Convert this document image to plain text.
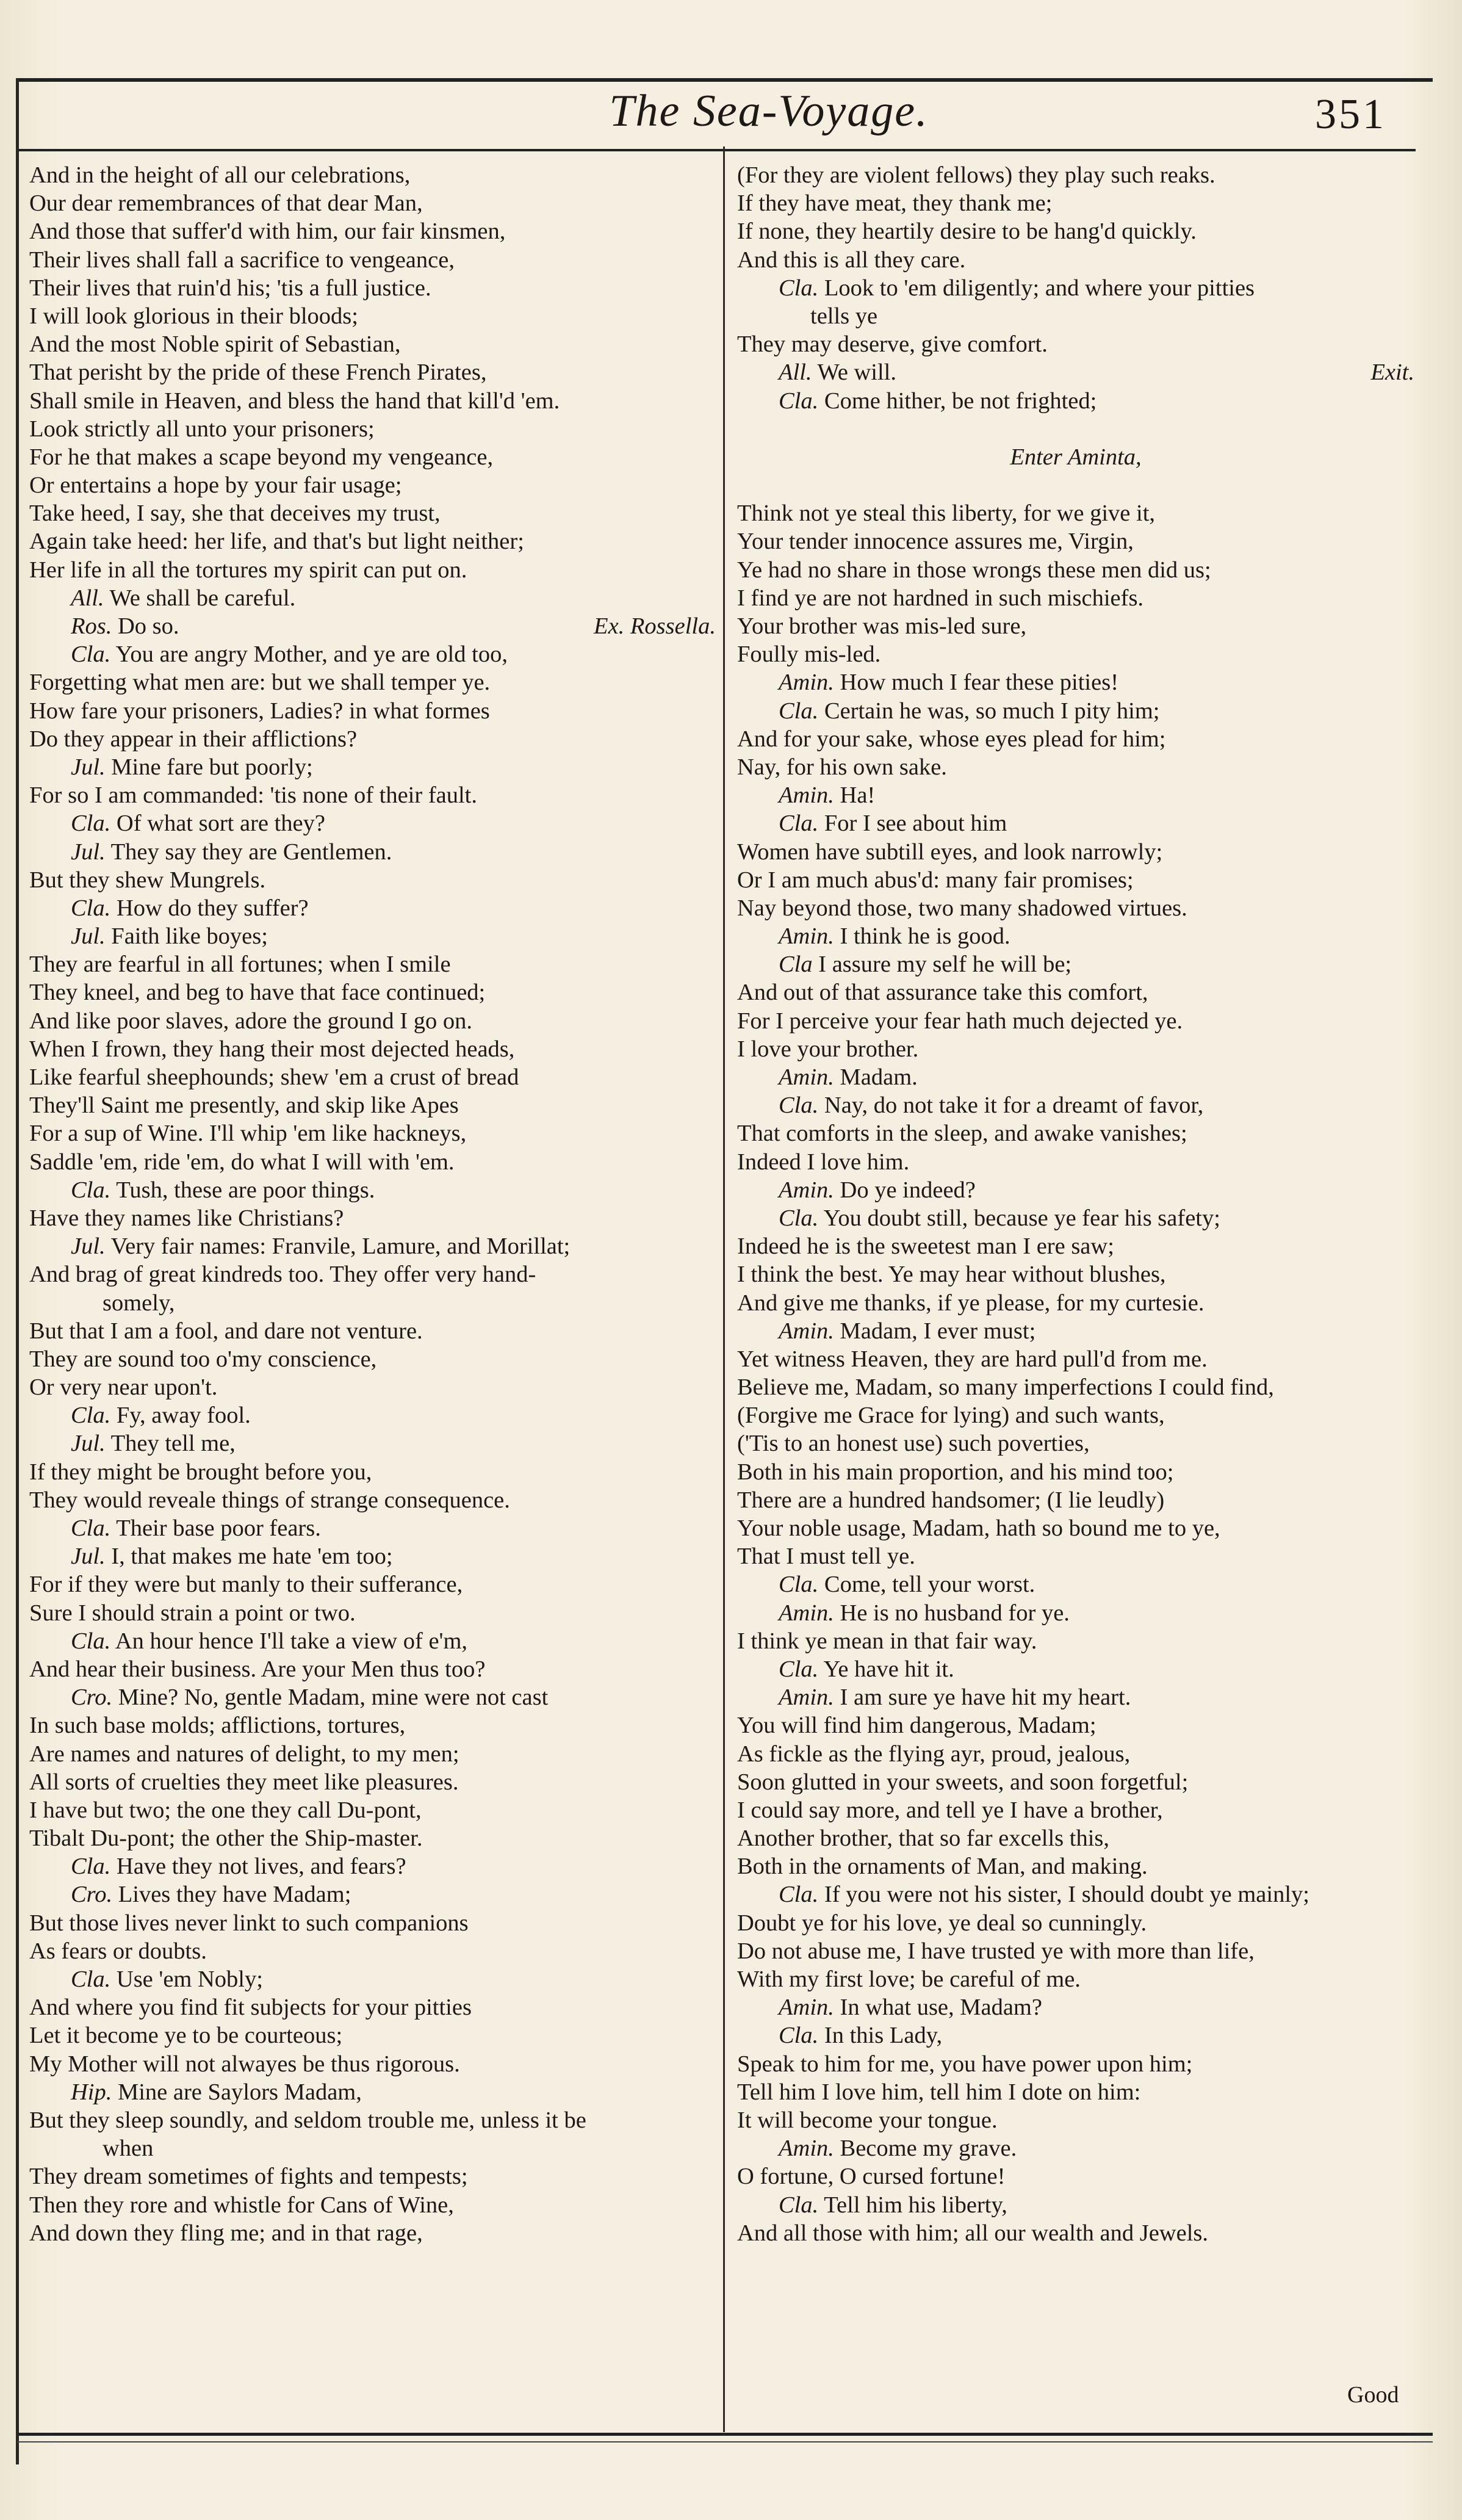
The Sea-Voyage.	351
And in the height of all our celebrations,
Our dear remembrances of that dear Man,
And those that suffer'd with him, our fair kinsmen,
Their lives shall fall a sacrifice to vengeance,
Their lives that ruin'd his; 'tis a full justice.
I will look glorious in their bloods;
And the most Noble spirit of Sebastian,
That perisht by the pride of these French Pirates,
Shall smile in Heaven, and bless the hand that kill'd 'em.
Look strictly all unto your prisoners;
For he that makes a scape beyond my vengeance,
Or entertains a hope by your fair usage;
Take heed, I say, she that deceives my trust,
Again take heed: her life, and that's but light neither;
Her life in all the tortures my spirit can put on.
All. We shall be careful.
Ros. Do so.	Ex. Rossella.
Cla. You are angry Mother, and ye are old too,
Forgetting what men are: but we shall temper ye.
How fare your prisoners, Ladies? in what formes
Do they appear in their afflictions?
Jul. Mine fare but poorly;
For so I am commanded: 'tis none of their fault.
Cla. Of what sort are they?
Jul. They say they are Gentlemen.
But they shew Mungrels.
Cla. How do they suffer?
Jul. Faith like boyes;
They are fearful in all fortunes; when I smile
They kneel, and beg to have that face continued;
And like poor slaves, adore the ground I go on.
When I frown, they hang their most dejected heads,
Like fearful sheephounds; shew 'em a crust of bread
They'll Saint me presently, and skip like Apes
For a sup of Wine. I'll whip 'em like hackneys,
Saddle 'em, ride 'em, do what I will with 'em.
Cla. Tush, these are poor things.
Have they names like Christians?
Jul. Very fair names: Franvile, Lamure, and Morillat;
And brag of great kindreds too. They offer very hand-
somely,
But that I am a fool, and dare not venture.
They are sound too o'my conscience,
Or very near upon't.
Cla. Fy, away fool.
Jul. They tell me,
If they might be brought before you,
They would reveale things of strange consequence.
Cla. Their base poor fears.
Jul. I, that makes me hate 'em too;
For if they were but manly to their sufferance,
Sure I should strain a point or two.
Cla. An hour hence I'll take a view of e'm,
And hear their business. Are your Men thus too?
Cro. Mine? No, gentle Madam, mine were not cast
In such base molds; afflictions, tortures,
Are names and natures of delight, to my men;
All sorts of cruelties they meet like pleasures.
I have but two; the one they call Du-pont,
Tibalt Du-pont; the other the Ship-master.
Cla. Have they not lives, and fears?
Cro. Lives they have Madam;
But those lives never linkt to such companions
As fears or doubts.
Cla. Use 'em Nobly;
And where you find fit subjects for your pitties
Let it become ye to be courteous;
My Mother will not alwayes be thus rigorous.
Hip. Mine are Saylors Madam,
But they sleep soundly, and seldom trouble me, unless it be
when
They dream sometimes of fights and tempests;
Then they rore and whistle for Cans of Wine,
And down they fling me; and in that rage,
(For they are violent fellows) they play such reaks.
If they have meat, they thank me;
If none, they heartily desire to be hang'd quickly.
And this is all they care.
Cla. Look to 'em diligently; and where your pitties
tells ye
They may deserve, give comfort.
All. We will.	Exit.
Cla. Come hither, be not frighted;
Enter Aminta,
Think not ye steal this liberty, for we give it,
Your tender innocence assures me, Virgin,
Ye had no share in those wrongs these men did us;
I find ye are not hardned in such mischiefs.
Your brother was mis-led sure,
Foully mis-led.
Amin. How much I fear these pities!
Cla. Certain he was, so much I pity him;
And for your sake, whose eyes plead for him;
Nay, for his own sake.
Amin. Ha!
Cla. For I see about him
Women have subtill eyes, and look narrowly;
Or I am much abus'd: many fair promises;
Nay beyond those, two many shadowed virtues.
Amin. I think he is good.
Cla I assure my self he will be;
And out of that assurance take this comfort,
For I perceive your fear hath much dejected ye.
I love your brother.
Amin. Madam.
Cla. Nay, do not take it for a dreamt of favor,
That comforts in the sleep, and awake vanishes;
Indeed I love him.
Amin. Do ye indeed?
Cla. You doubt still, because ye fear his safety;
Indeed he is the sweetest man I ere saw;
I think the best. Ye may hear without blushes,
And give me thanks, if ye please, for my curtesie.
Amin. Madam, I ever must;
Yet witness Heaven, they are hard pull'd from me.
Believe me, Madam, so many imperfections I could find,
(Forgive me Grace for lying) and such wants,
('Tis to an honest use) such poverties,
Both in his main proportion, and his mind too;
There are a hundred handsomer; (I lie leudly)
Your noble usage, Madam, hath so bound me to ye,
That I must tell ye.
Cla. Come, tell your worst.
Amin. He is no husband for ye.
I think ye mean in that fair way.
Cla. Ye have hit it.
Amin. I am sure ye have hit my heart.
You will find him dangerous, Madam;
As fickle as the flying ayr, proud, jealous,
Soon glutted in your sweets, and soon forgetful;
I could say more, and tell ye I have a brother,
Another brother, that so far excells this,
Both in the ornaments of Man, and making.
Cla. If you were not his sister, I should doubt ye mainly;
Doubt ye for his love, ye deal so cunningly.
Do not abuse me, I have trusted ye with more than life,
With my first love; be careful of me.
Amin. In what use, Madam?
Cla. In this Lady,
Speak to him for me, you have power upon him;
Tell him I love him, tell him I dote on him:
It will become your tongue.
Amin. Become my grave.
O fortune, O cursed fortune!
Cla. Tell him his liberty,
And all those with him; all our wealth and Jewels.
Good
